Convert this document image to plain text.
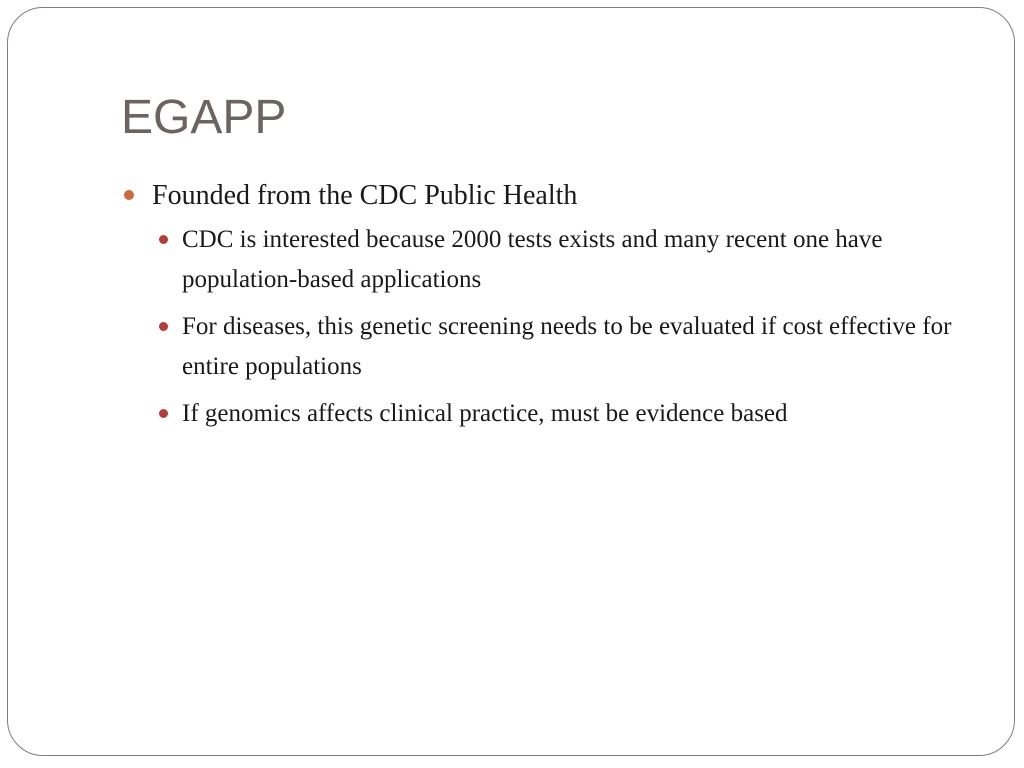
EGAPP
Founded from the CDC Public Health
CDC is interested because 2000 tests exists and many recent one have population-based applications
For diseases, this genetic screening needs to be evaluated if cost effective for entire populations
If genomics affects clinical practice, must be evidence based
